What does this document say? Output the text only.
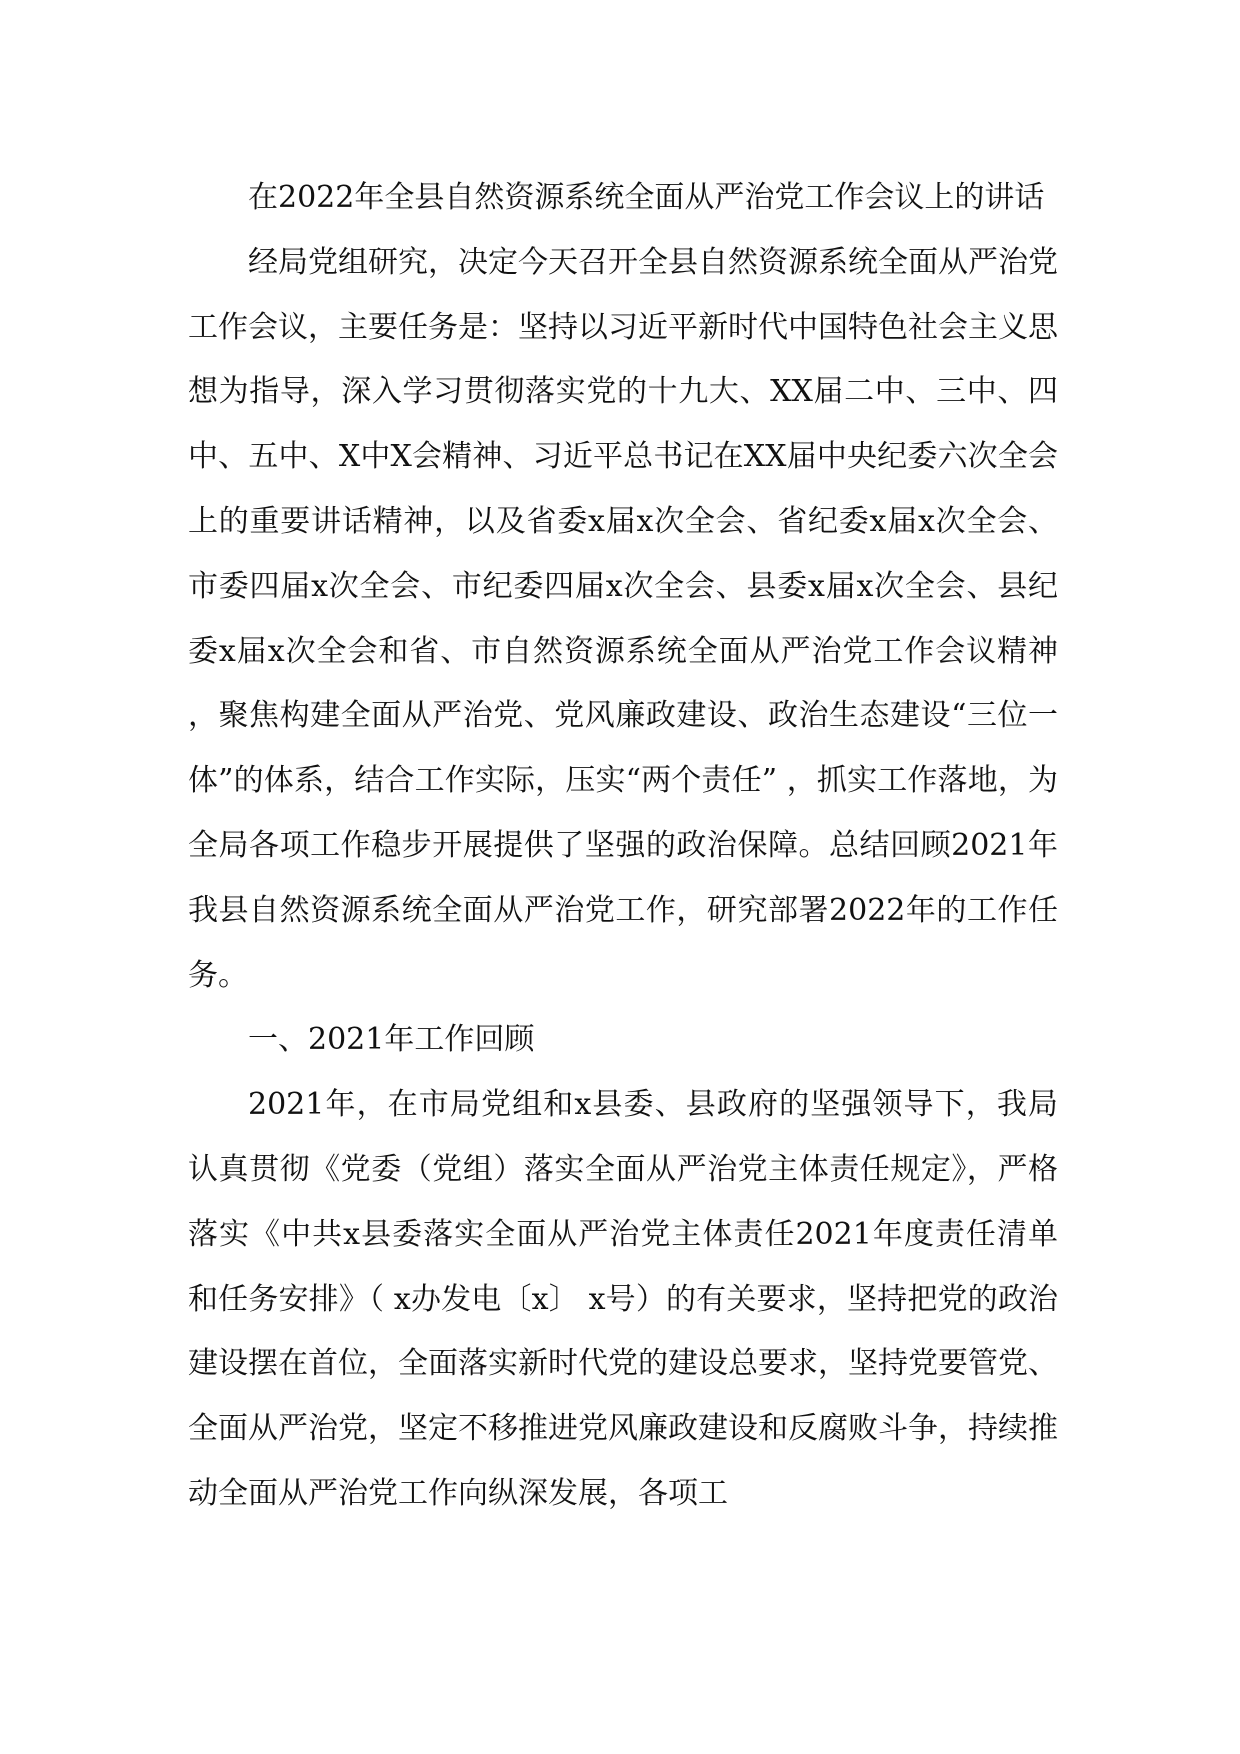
在2022年全县自然资源系统全面从严治党工作会议上的讲话

经局党组研究，决定今天召开全县自然资源系统全面从严治党工作会议，主要任务是：坚持以习近平新时代中国特色社会主义思想为指导，深入学习贯彻落实党的十九大、XX届二中、三中、四中、五中、X中X会精神、习近平总书记在XX届中央纪委六次全会上的重要讲话精神，以及省委x届x次全会、省纪委x届x次全会、市委四届x次全会、市纪委四届x次全会、县委x届x次全会、县纪委x届x次全会和省、市自然资源系统全面从严治党工作会议精神，聚焦构建全面从严治党、党风廉政建设、政治生态建设“三位一体”的体系，结合工作实际，压实“两个责任” ，抓实工作落地，为全局各项工作稳步开展提供了坚强的政治保障。总结回顾2021年我县自然资源系统全面从严治党工作，研究部署2022年的工作任务。

一、2021年工作回顾

2021年，在市局党组和x县委、县政府的坚强领导下，我局认真贯彻《党委（党组）落实全面从严治党主体责任规定》，严格落实《中共x县委落实全面从严治党主体责任2021年度责任清单和任务安排》（ x办发电〔x〕 x号）的有关要求，坚持把党的政治建设摆在首位，全面落实新时代党的建设总要求，坚持党要管党、全面从严治党，坚定不移推进党风廉政建设和反腐败斗争，持续推动全面从严治党工作向纵深发展，各项工
